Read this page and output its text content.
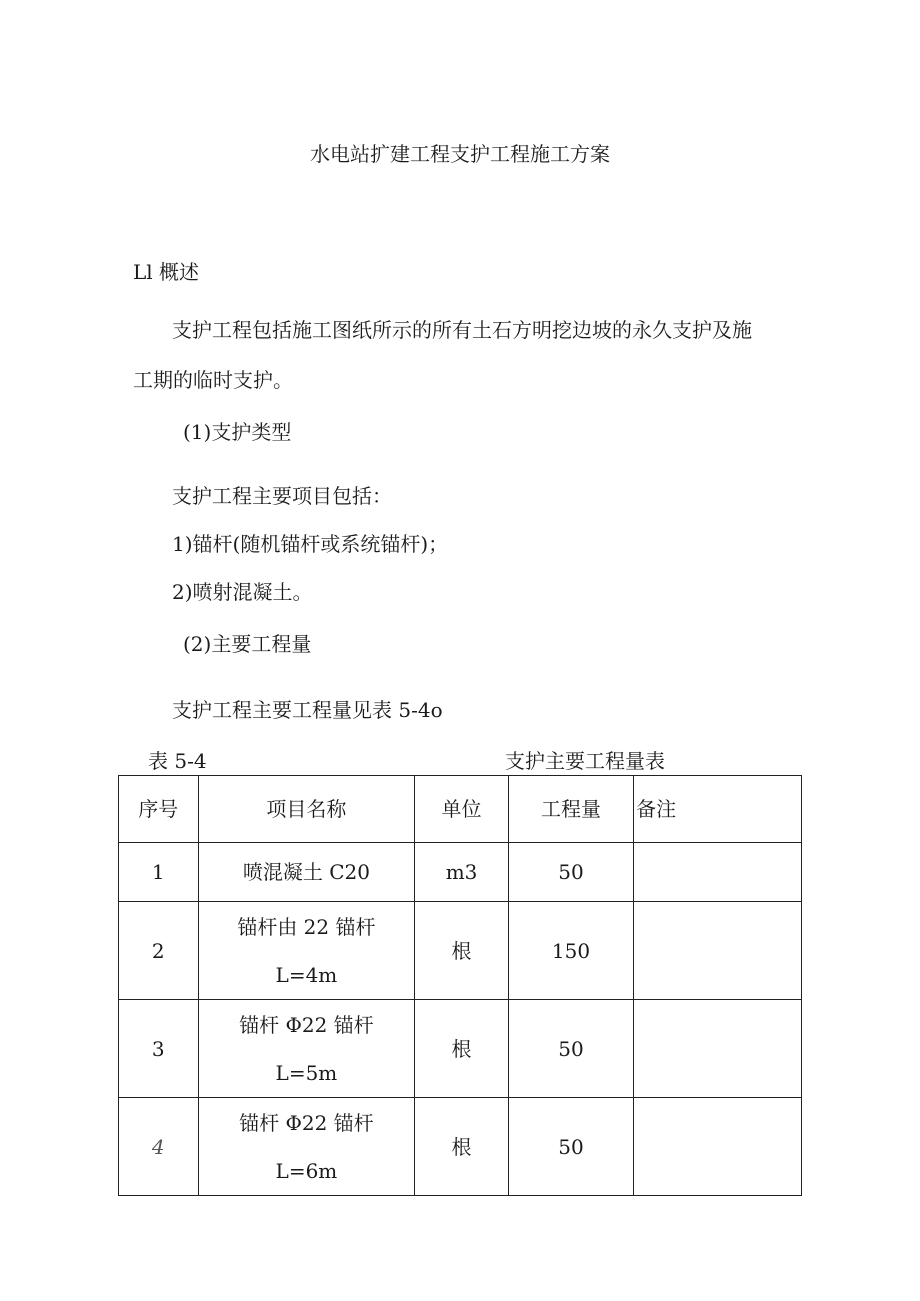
水电站扩建工程支护工程施工方案
Ll 概述
支护工程包括施工图纸所示的所有土石方明挖边坡的永久支护及施
工期的临时支护。
(1)支护类型
支护工程主要项目包括：
1)锚杆(随机锚杆或系统锚杆)；
2)喷射混凝土。
(2)主要工程量
支护工程主要工程量见表 5-4o
表 5-4	支护主要工程量表
序号	项目名称	单位	工程量	备注
1	喷混凝土 C20	m3	50	
2	锚杆由 22 锚杆
L=4m	根	150	
3	锚杆 Φ22 锚杆
L=5m	根	50	
4	锚杆 Φ22 锚杆
L=6m	根	50	
